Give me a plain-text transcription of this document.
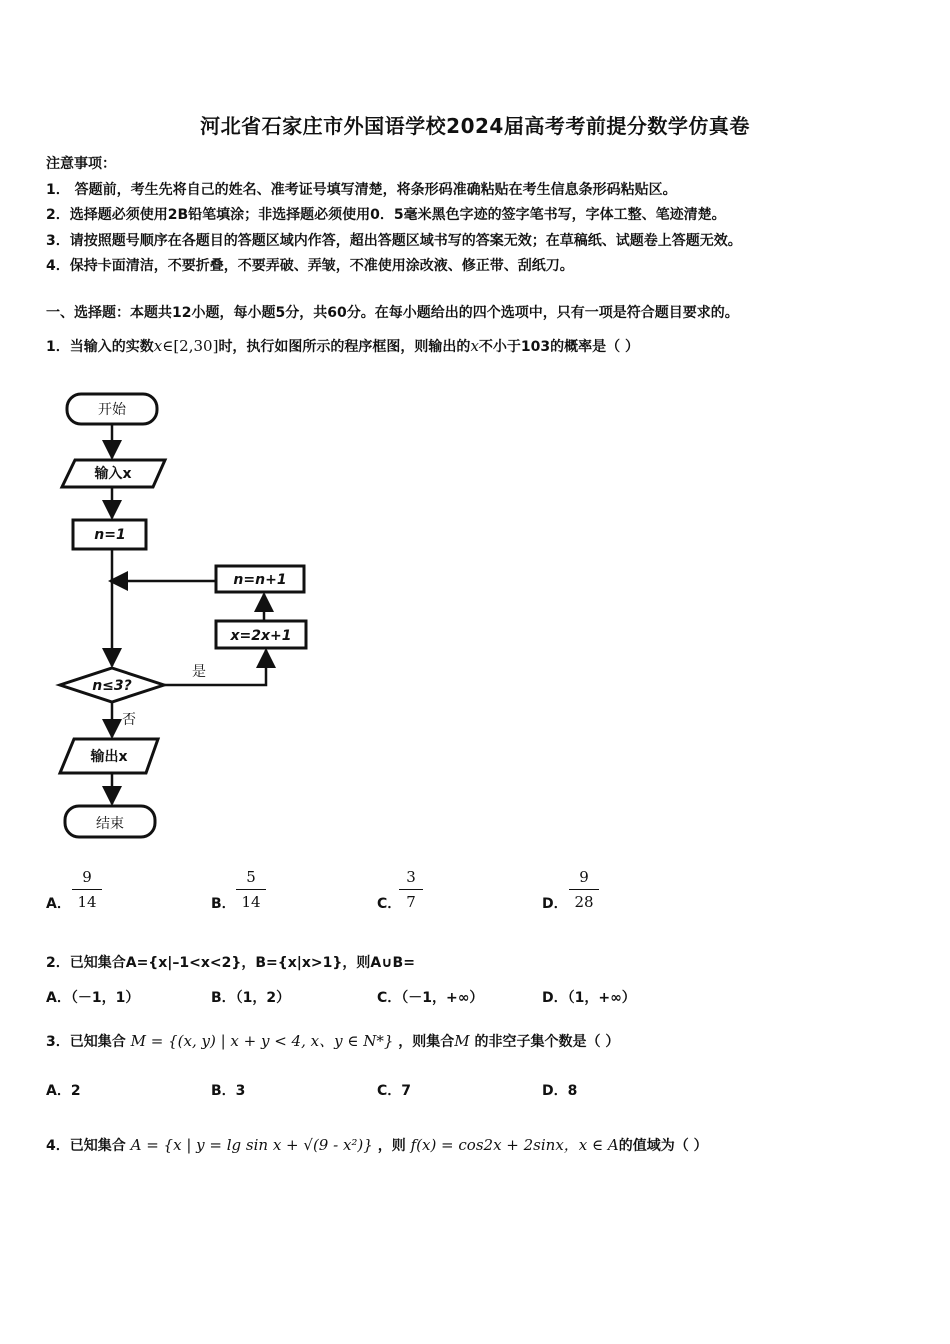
河北省石家庄市外国语学校2024届高考考前提分数学仿真卷
注意事项：
1． 答题前，考生先将自己的姓名、准考证号填写清楚，将条形码准确粘贴在考生信息条形码粘贴区。
2．选择题必须使用2B铅笔填涂；非选择题必须使用0．5毫米黑色字迹的签字笔书写，字体工整、笔迹清楚。
3．请按照题号顺序在各题目的答题区域内作答，超出答题区域书写的答案无效；在草稿纸、试题卷上答题无效。
4．保持卡面清洁，不要折叠，不要弄破、弄皱，不准使用涂改液、修正带、刮纸刀。
一、选择题：本题共12小题，每小题5分，共60分。在每小题给出的四个选项中，只有一项是符合题目要求的。
1．当输入的实数x∈[2,30]时，执行如图所示的程序框图，则输出的x不小于103的概率是（ ）
开始
输入x
n=1
n=n+1
x=2x+1
n≤3?
是
否
输出x
结束
A． $\frac{9}{14}$	B． $\frac{5}{14}$	C．
$\frac{3}{7}$	D． $\frac{9}{28}$
2．已知集合A={x|–1<x<2}，B={x|x>1}，则A∪B=
A．（－1，1）	B．（1，2）	C．（－1，+∞）	D．（1，+∞）
3．已知集合 M = {(x, y) | x + y < 4, x、y ∈ N*} ，则集合M 的非空子集个数是（ ）
A．2	B．3	C．7	D．8
4．已知集合 A = {x | y = lg sin x + √(9 - x²)} ，则 f(x) = cos2x + 2sinx，x ∈ A的值域为（ ）
